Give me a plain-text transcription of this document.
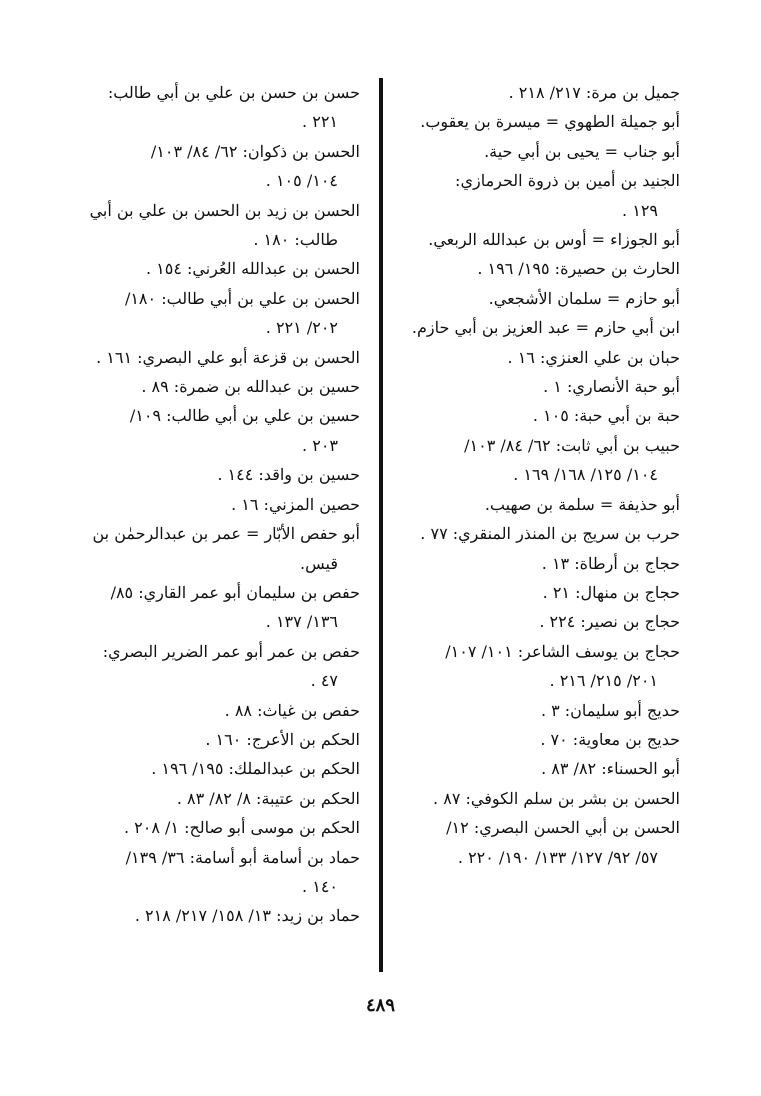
جميل بن مرة: ٢١٧/ ٢١٨ .
أبو جميلة الطهوي = ميسرة بن يعقوب.
أبو جناب = يحيى بن أبي حية.
الجنيد بن أمين بن ذروة الحرمازي:
١٢٩ .
أبو الجوزاء = أوس بن عبدالله الربعي.
الحارث بن حصيرة: ١٩٥/ ١٩٦ .
أبو حازم = سلمان الأشجعي.
ابن أبي حازم = عبد العزيز بن أبي حازم.
حبان بن علي العنزي: ١٦ .
أبو حبة الأنصاري: ١ .
حبة بن أبي حبة: ١٠٥ .
حبيب بن أبي ثابت: ٦٢/ ٨٤/ ١٠٣/
١٠٤/ ١٢٥/ ١٦٨/ ١٦٩ .
أبو حذيفة = سلمة بن صهيب.
حرب بن سريج بن المنذر المنقري: ٧٧ .
حجاج بن أرطاة: ١٣ .
حجاج بن منهال: ٢١ .
حجاج بن نصير: ٢٢٤ .
حجاج بن يوسف الشاعر: ١٠١/ ١٠٧/
٢٠١/ ٢١٥/ ٢١٦ .
حديج أبو سليمان: ٣ .
حديج بن معاوية: ٧٠ .
أبو الحسناء: ٨٢/ ٨٣ .
الحسن بن بشر بن سلم الكوفي: ٨٧ .
الحسن بن أبي الحسن البصري: ١٢/
٥٧/ ٩٢/ ١٢٧/ ١٣٣/ ١٩٠/ ٢٢٠ .
حسن بن حسن بن علي بن أبي طالب:
٢٢١ .
الحسن بن ذكوان: ٦٢/ ٨٤/ ١٠٣/
١٠٤/ ١٠٥ .
الحسن بن زيد بن الحسن بن علي بن أبي
طالب: ١٨٠ .
الحسن بن عبدالله العُرني: ١٥٤ .
الحسن بن علي بن أبي طالب: ١٨٠/
٢٠٢/ ٢٢١ .
الحسن بن قزعة أبو علي البصري: ١٦١ .
حسين بن عبدالله بن ضمرة: ٨٩ .
حسين بن علي بن أبي طالب: ١٠٩/
٢٠٣ .
حسين بن واقد: ١٤٤ .
حصين المزني: ١٦ .
أبو حفص الأبّار = عمر بن عبدالرحمٰن بن
قيس.
حفص بن سليمان أبو عمر القاري: ٨٥/
١٣٦/ ١٣٧ .
حفص بن عمر أبو عمر الضرير البصري:
٤٧ .
حفص بن غياث: ٨٨ .
الحكم بن الأعرج: ١٦٠ .
الحكم بن عبدالملك: ١٩٥/ ١٩٦ .
الحكم بن عتيبة: ٨/ ٨٢/ ٨٣ .
الحكم بن موسى أبو صالح: ١/ ٢٠٨ .
حماد بن أسامة أبو أسامة: ٣٦/ ١٣٩/
١٤٠ .
حماد بن زيد: ١٣/ ١٥٨/ ٢١٧/ ٢١٨ .
٤٨٩
